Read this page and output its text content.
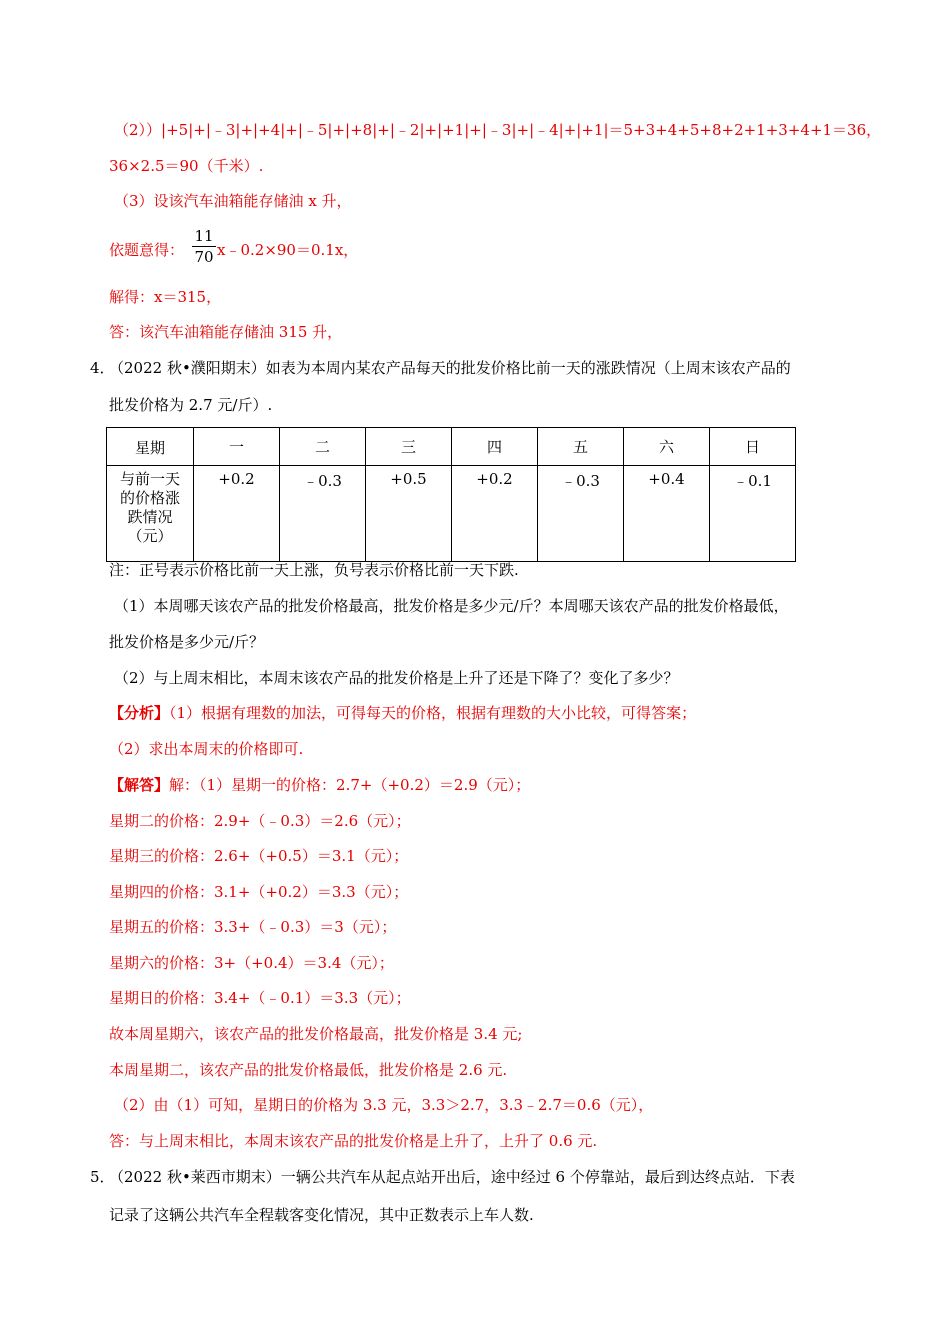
（2））|+5|+|﹣3|+|+4|+|﹣5|+|+8|+|﹣2|+|+1|+|﹣3|+|﹣4|+|+1|＝5+3+4+5+8+2+1+3+4+1＝36，
36×2.5＝90（千米）.
（3）设该汽车油箱能存储油 x 升，
依题意得：
11
70 x﹣0.2×90＝0.1x，
解得：x＝315，
答：该汽车油箱能存储油 315 升，
4．
（2022 秋•濮阳期末）如表为本周内某农产品每天的批发价格比前一天的涨跌情况（上周末该农产品的
批发价格为 2.7 元/斤）.
星期	一	二	三	四	五	六	日

与前一天
的价格涨
跌情况
（元）	+0.2	﹣0.3	+0.5	+0.2	﹣0.3	+0.4	﹣0.1
注：正号表示价格比前一天上涨，负号表示价格比前一天下跌.
（1）本周哪天该农产品的批发价格最高，批发价格是多少元/斤？本周哪天该农产品的批发价格最低，
批发价格是多少元/斤？
（2）与上周末相比，本周末该农产品的批发价格是上升了还是下降了？变化了多少？
【分析】（1）根据有理数的加法，可得每天的价格，根据有理数的大小比较，可得答案；
（2）求出本周末的价格即可.
【解答】解：（1）星期一的价格：2.7+（+0.2）＝2.9（元）；
星期二的价格：2.9+（﹣0.3）＝2.6（元）；
星期三的价格：2.6+（+0.5）＝3.1（元）；
星期四的价格：3.1+（+0.2）＝3.3（元）；
星期五的价格：3.3+（﹣0.3）＝3（元）；
星期六的价格：3+（+0.4）＝3.4（元）；
星期日的价格：3.4+（﹣0.1）＝3.3（元）；
故本周星期六，该农产品的批发价格最高，批发价格是 3.4 元;
本周星期二，该农产品的批发价格最低，批发价格是 2.6 元.
（2）由（1）可知，星期日的价格为 3.3 元，3.3＞2.7，3.3﹣2.7＝0.6（元），
答：与上周末相比，本周末该农产品的批发价格是上升了，上升了 0.6 元.
5．
（2022 秋•莱西市期末）一辆公共汽车从起点站开出后，途中经过 6 个停靠站，最后到达终点站．下表
记录了这辆公共汽车全程载客变化情况，其中正数表示上车人数.
